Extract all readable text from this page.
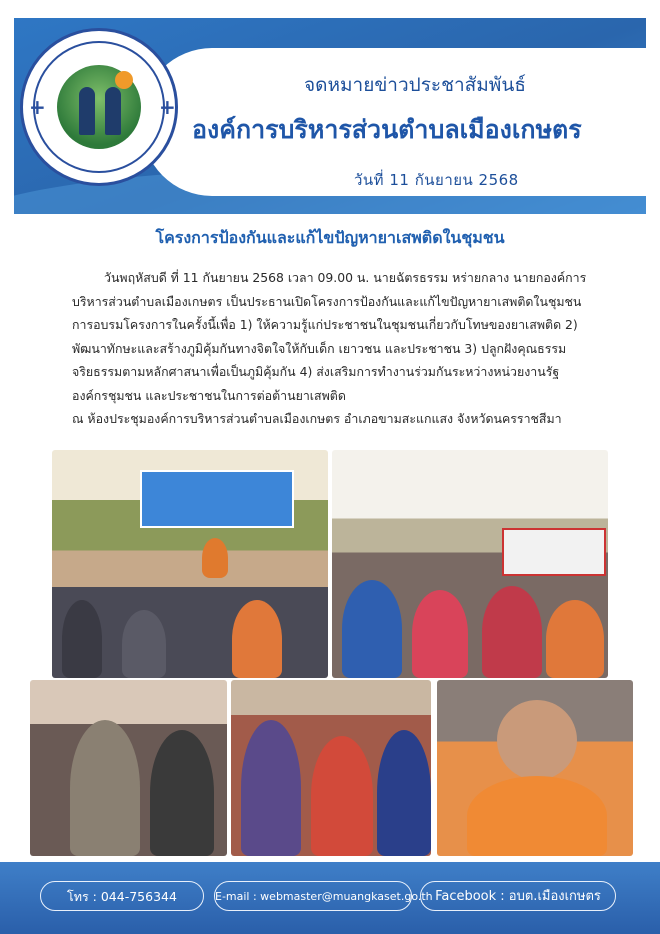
+	+
จดหมายข่าวประชาสัมพันธ์
องค์การบริหารส่วนตำบลเมืองเกษตร
วันที่ 11 กันยายน 2568
โครงการป้องกันและแก้ไขปัญหายาเสพติดในชุมชน

วันพฤหัสบดี ที่ 11 กันยายน 2568 เวลา 09.00 น. นายฉัตรธรรม หร่ายกลาง นายกองค์การ

บริหารส่วนตำบลเมืองเกษตร เป็นประธานเปิดโครงการป้องกันและแก้ไขปัญหายาเสพติดในชุมชน

การอบรมโครงการในครั้งนี้เพื่อ 1) ให้ความรู้แก่ประชาชนในชุมชนเกี่ยวกับโทษของยาเสพติด 2)

พัฒนาทักษะและสร้างภูมิคุ้มกันทางจิตใจให้กับเด็ก เยาวชน และประชาชน 3) ปลูกฝังคุณธรรม

จริยธรรมตามหลักศาสนาเพื่อเป็นภูมิคุ้มกัน 4) ส่งเสริมการทำงานร่วมกันระหว่างหน่วยงานรัฐ

องค์กรชุมชน และประชาชนในการต่อต้านยาเสพติด

ณ ห้องประชุมองค์การบริหารส่วนตำบลเมืองเกษตร อำเภอขามสะแกแสง จังหวัดนครราชสีมา

โทร : 044-756344	E-mail : webmaster@muangkaset.go.th Facebook : อบต.เมืองเกษตร
